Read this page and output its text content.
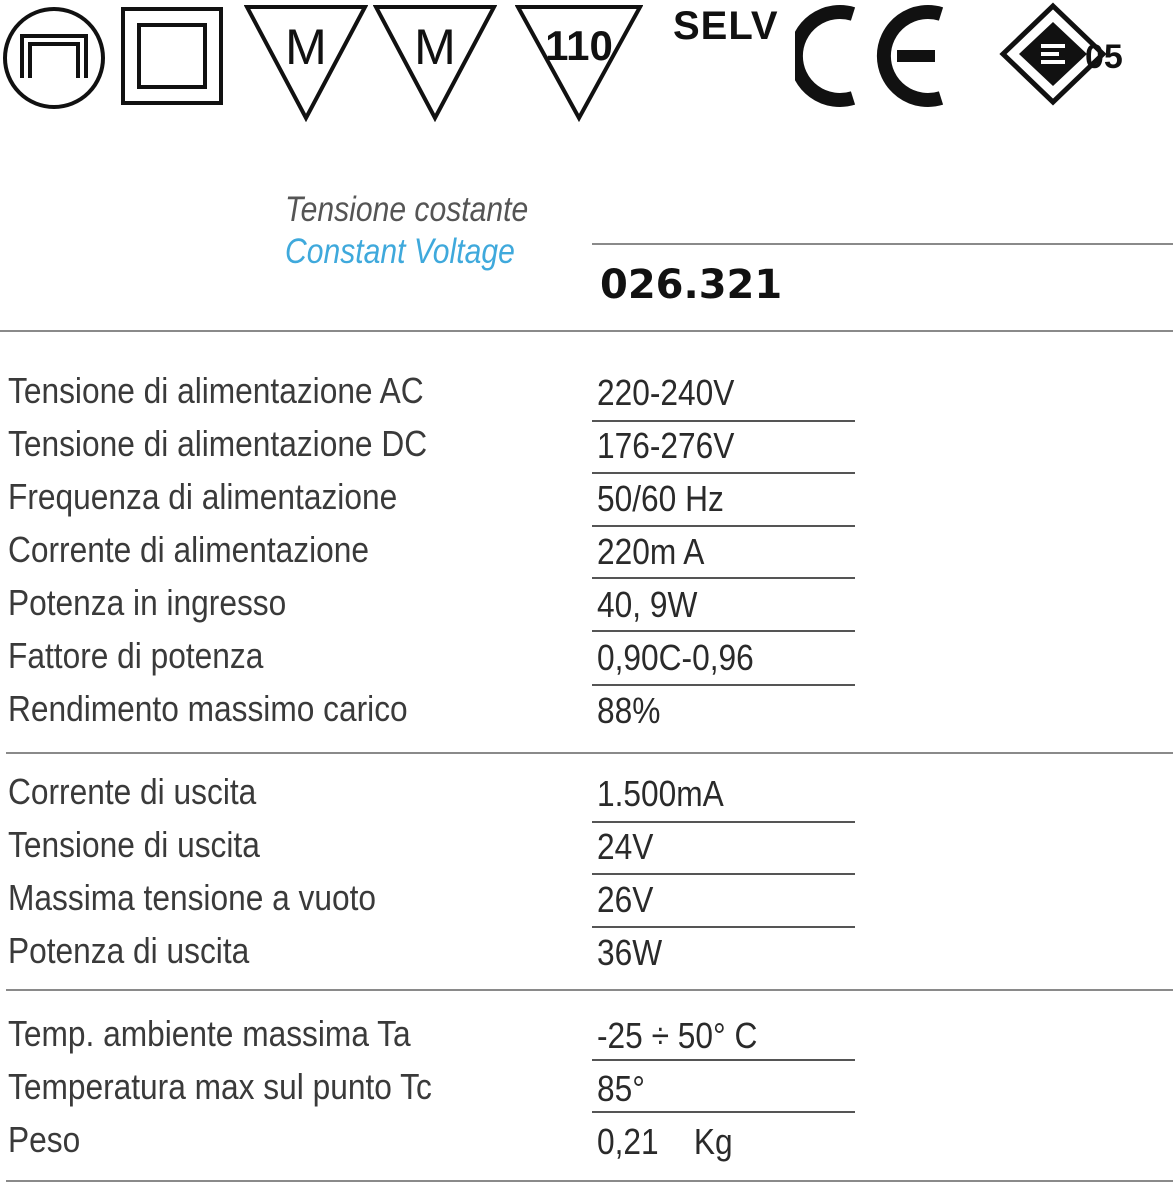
M M 110 SELV
05
Tensione costante
Constant Voltage
026.321
Tensione di alimentazione AC	220-240V
Tensione di alimentazione DC	176-276V
Frequenza di alimentazione	50/60 Hz
Corrente di alimentazione	220m A
Potenza in ingresso	40, 9W
Fattore di potenza	0,90C-0,96
Rendimento massimo carico	88%
Corrente di uscita	1.500mA
Tensione di uscita	24V
Massima tensione a vuoto	26V
Potenza di uscita	36W
Temp. ambiente massima Ta	-25 ÷ 50° C
Temperatura max sul punto Tc	85°
Peso	0,21    Kg
